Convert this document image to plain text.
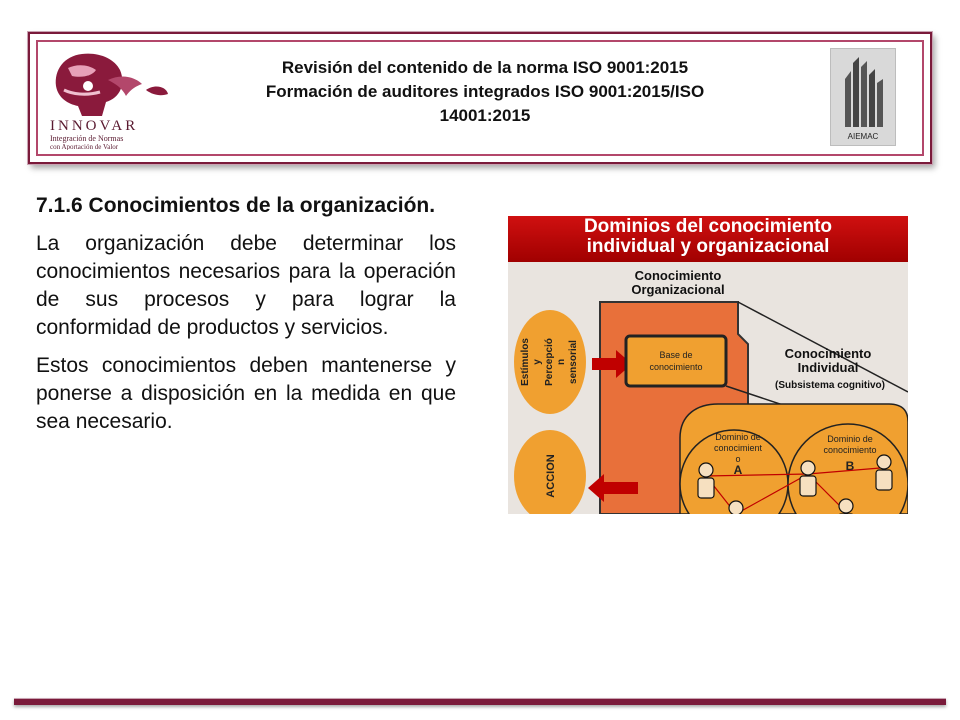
INNOVAR
Integración de Normas
con Aportación de Valor
Revisión del contenido de la norma ISO 9001:2015
Formación de auditores integrados ISO 9001:2015/ISO
14001:2015
AIEMAC

7.1.6 Conocimientos de la organización.

La organización debe determinar los conocimientos necesarios para la operación de sus procesos y para lograr la conformidad de productos y servicios.

Estos conocimientos deben mantenerse y ponerse a disposición en la medida en que sea necesario.

Dominios del conocimiento
individual y organizacional
Conocimiento
Organizacional
Estímulos y Percepció n sensorial
ACCION
Base de
conocimiento
Conocimiento
Individual
(Subsistema cognitivo)
Dominio de
conocimient
o
A
Dominio de
conocimiento
B
